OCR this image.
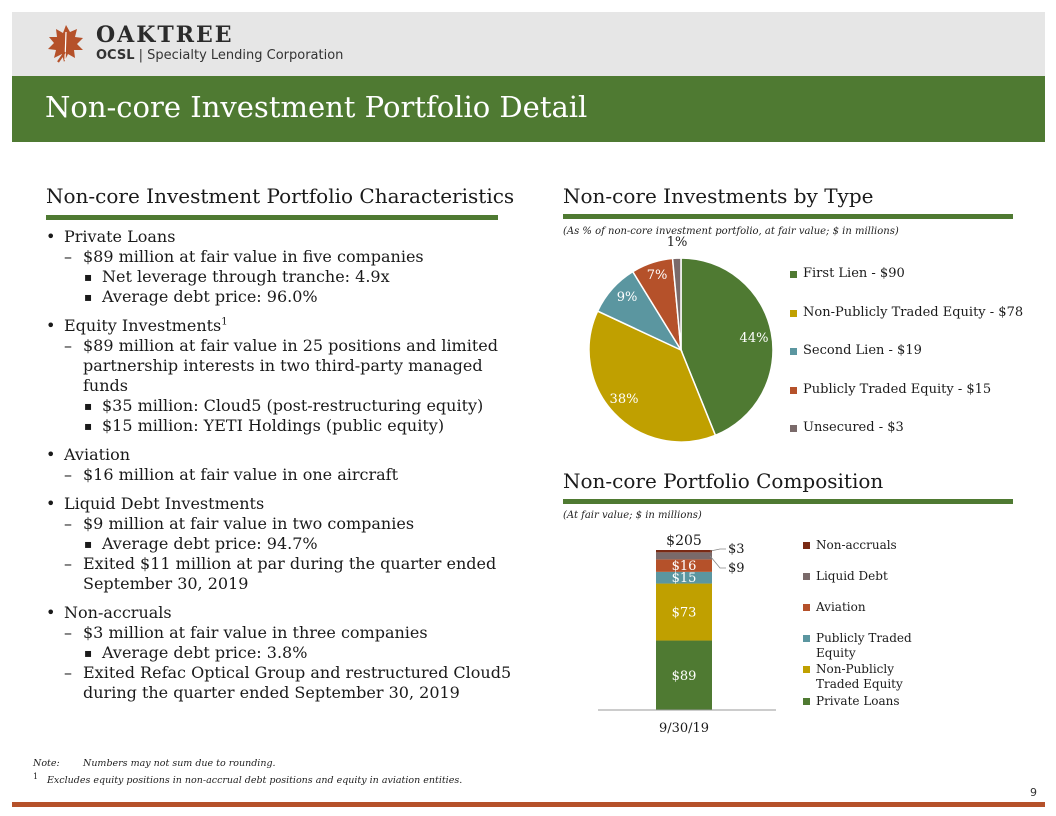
OAKTREE
OCSL | Specialty Lending Corporation
Non-core Investment Portfolio Detail
Non-core Investment Portfolio Characteristics
• Private Loans
– $89 million at fair value in five companies
▪ Net leverage through tranche: 4.9x
▪ Average debt price: 96.0%
• Equity Investments$^1$
– $89 million at fair value in 25 positions and limited partnership interests in two third-party managed funds
▪ $35 million: Cloud5 (post-restructuring equity)
▪ $15 million: YETI Holdings (public equity)
• Aviation
– $16 million at fair value in one aircraft
• Liquid Debt Investments
– $9 million at fair value in two companies
▪ Average debt price: 94.7%
– Exited $11 million at par during the quarter ended September 30, 2019
• Non-accruals
– $3 million at fair value in three companies
▪ Average debt price: 3.8%
– Exited Refac Optical Group and restructured Cloud5 during the quarter ended September 30, 2019
Non-core Investments by Type
(As % of non-core investment portfolio, at fair value; $ in millions)
44%
38%
9%
7%
1%
First Lien - $90
Non-Publicly Traded Equity - $78
Second Lien - $19
Publicly Traded Equity - $15
Unsecured - $3
Non-core Portfolio Composition
(At fair value; $ in millions)
$89
$73
$15
$16
$3
$9
$205
9/30/19
Non-accruals
Liquid Debt
Aviation
Publicly Traded Equity
Non-Publicly Traded Equity
Private Loans
Note: Numbers may not sum due to rounding.
1 Excludes equity positions in non-accrual debt positions and equity in aviation entities.
9
